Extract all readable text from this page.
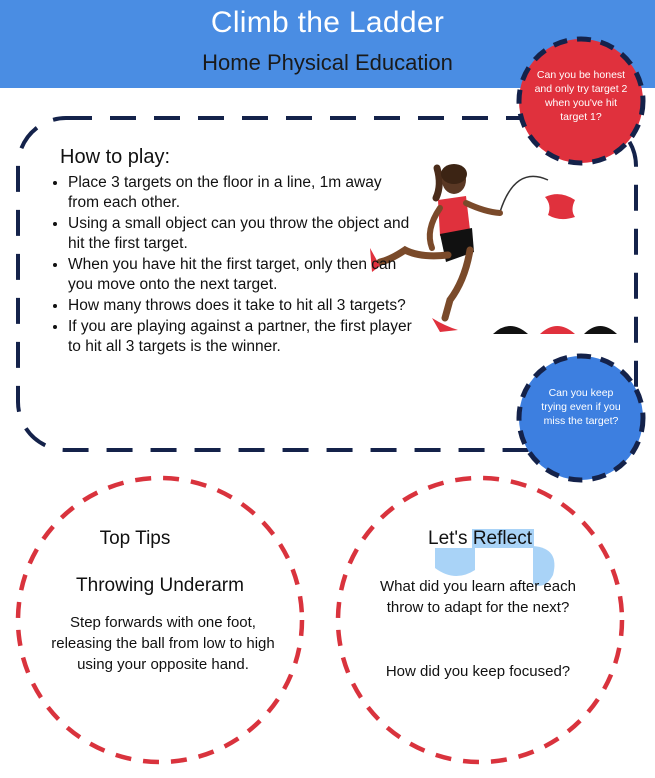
Climb the Ladder
Home Physical Education
How to play:
• Place 3 targets on the floor in a line, 1m away from each other.
• Using a small object can you throw the object and hit the first target.
• When you have hit the first target, only then can you move onto the next target.
• How many throws does it take to hit all 3 targets?
• If you are playing against a partner, the first player to hit all 3 targets is the winner.
Can you be honest and only try target 2 when you've hit target 1?
Can you keep trying even if you miss the target?
Top Tips
Throwing Underarm
Step forwards with one foot, releasing the ball from low to high using your opposite hand.
Let's Reflect
What did you learn after each throw to adapt for the next?
How did you keep focused?
